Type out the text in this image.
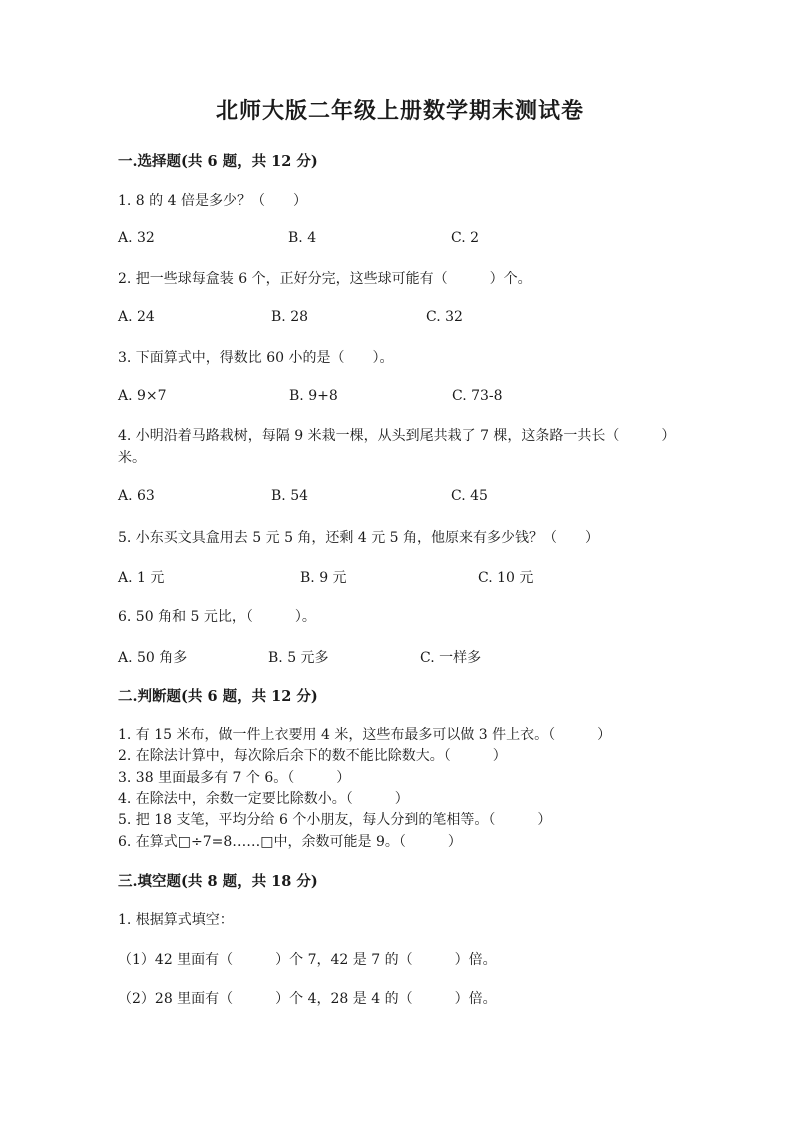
北师大版二年级上册数学期末测试卷
一.选择题(共 6 题，共 12 分)
1. 8 的 4 倍是多少？（　　）
A. 32	B. 4	C. 2
2. 把一些球每盒装 6 个，正好分完，这些球可能有（　　　）个。
A. 24	B. 28	C. 32
3. 下面算式中，得数比 60 小的是（　　）。
A. 9×7	B. 9+8	C. 73-8
4. 小明沿着马路栽树，每隔 9 米栽一棵，从头到尾共栽了 7 棵，这条路一共长（　　　）米。
A. 63	B. 54	C. 45
5. 小东买文具盒用去 5 元 5 角，还剩 4 元 5 角，他原来有多少钱？（　　）
A. 1 元	B. 9 元	C. 10 元
6. 50 角和 5 元比，（　　　）。
A. 50 角多	B. 5 元多	C. 一样多
二.判断题(共 6 题，共 12 分)
1. 有 15 米布，做一件上衣要用 4 米，这些布最多可以做 3 件上衣。（　　　）
2. 在除法计算中，每次除后余下的数不能比除数大。（　　　）
3. 38 里面最多有 7 个 6。（　　　）
4. 在除法中，余数一定要比除数小。（　　　）
5. 把 18 支笔，平均分给 6 个小朋友，每人分到的笔相等。（　　　）
6. 在算式□÷7=8……□中，余数可能是 9。（　　　）
三.填空题(共 8 题，共 18 分)
1. 根据算式填空：
（1）42 里面有（　　　）个 7，42 是 7 的（　　　）倍。
（2）28 里面有（　　　）个 4，28 是 4 的（　　　）倍。
